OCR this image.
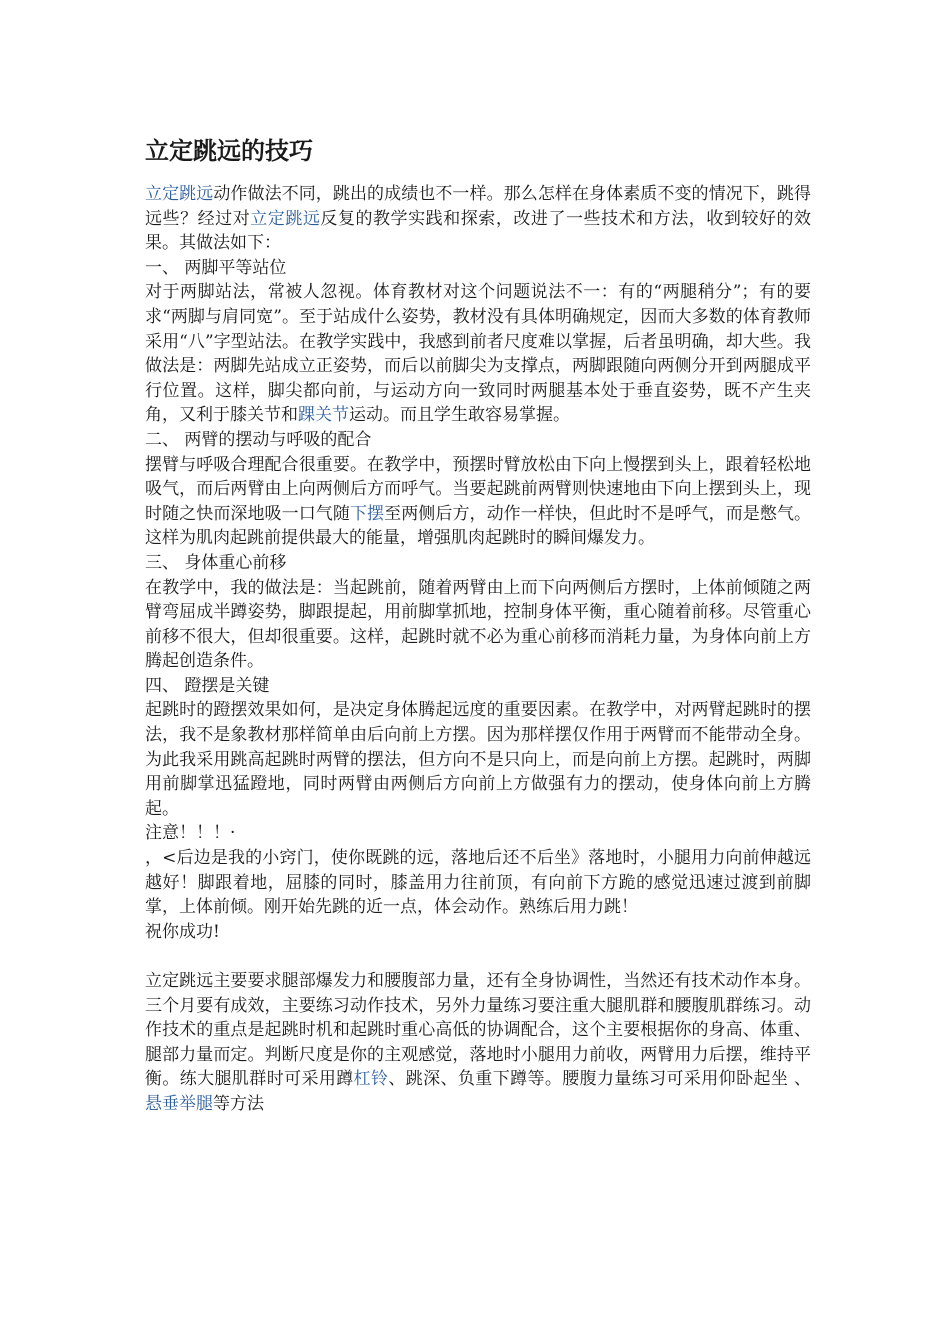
立定跳远的技巧

立定跳远动作做法不同，跳出的成绩也不一样。那么怎样在身体素质不变的情况下，跳得远些？经过对立定跳远反复的教学实践和探索，改进了一些技术和方法，收到较好的效果。其做法如下：

一、 两脚平等站位

对于两脚站法，常被人忽视。体育教材对这个问题说法不一：有的“两腿稍分”；有的要求“两脚与肩同宽”。至于站成什么姿势，教材没有具体明确规定，因而大多数的体育教师采用“八”字型站法。在教学实践中，我感到前者尺度难以掌握，后者虽明确，却大些。我做法是：两脚先站成立正姿势，而后以前脚尖为支撑点，两脚跟随向两侧分开到两腿成平行位置。这样，脚尖都向前，与运动方向一致同时两腿基本处于垂直姿势，既不产生夹角，又利于膝关节和踝关节运动。而且学生敢容易掌握。

二、 两臂的摆动与呼吸的配合

摆臂与呼吸合理配合很重要。在教学中，预摆时臂放松由下向上慢摆到头上，跟着轻松地吸气，而后两臂由上向两侧后方而呼气。当要起跳前两臂则快速地由下向上摆到头上，现时随之快而深地吸一口气随下摆至两侧后方，动作一样快，但此时不是呼气，而是憋气。这样为肌肉起跳前提供最大的能量，增强肌肉起跳时的瞬间爆发力。

三、 身体重心前移

在教学中，我的做法是：当起跳前，随着两臂由上而下向两侧后方摆时，上体前倾随之两臂弯屈成半蹲姿势，脚跟提起，用前脚掌抓地，控制身体平衡，重心随着前移。尽管重心前移不很大，但却很重要。这样，起跳时就不必为重心前移而消耗力量，为身体向前上方腾起创造条件。

四、 蹬摆是关键

起跳时的蹬摆效果如何，是决定身体腾起远度的重要因素。在教学中，对两臂起跳时的摆法，我不是象教材那样简单由后向前上方摆。因为那样摆仅作用于两臂而不能带动全身。为此我采用跳高起跳时两臂的摆法，但方向不是只向上，而是向前上方摆。起跳时，两脚用前脚掌迅猛蹬地，同时两臂由两侧后方向前上方做强有力的摆动，使身体向前上方腾起。

注意！！！·

，<后边是我的小窍门，使你既跳的远，落地后还不后坐》落地时，小腿用力向前伸越远越好！脚跟着地，屈膝的同时，膝盖用力往前顶，有向前下方跪的感觉迅速过渡到前脚掌，上体前倾。刚开始先跳的近一点，体会动作。熟练后用力跳！

祝你成功!

立定跳远主要要求腿部爆发力和腰腹部力量，还有全身协调性，当然还有技术动作本身。三个月要有成效，主要练习动作技术，另外力量练习要注重大腿肌群和腰腹肌群练习。动作技术的重点是起跳时机和起跳时重心高低的协调配合，这个主要根据你的身高、体重、腿部力量而定。判断尺度是你的主观感觉，落地时小腿用力前收，两臂用力后摆，维持平衡。练大腿肌群时可采用蹲杠铃、跳深、负重下蹲等。腰腹力量练习可采用仰卧起坐 、悬垂举腿等方法
